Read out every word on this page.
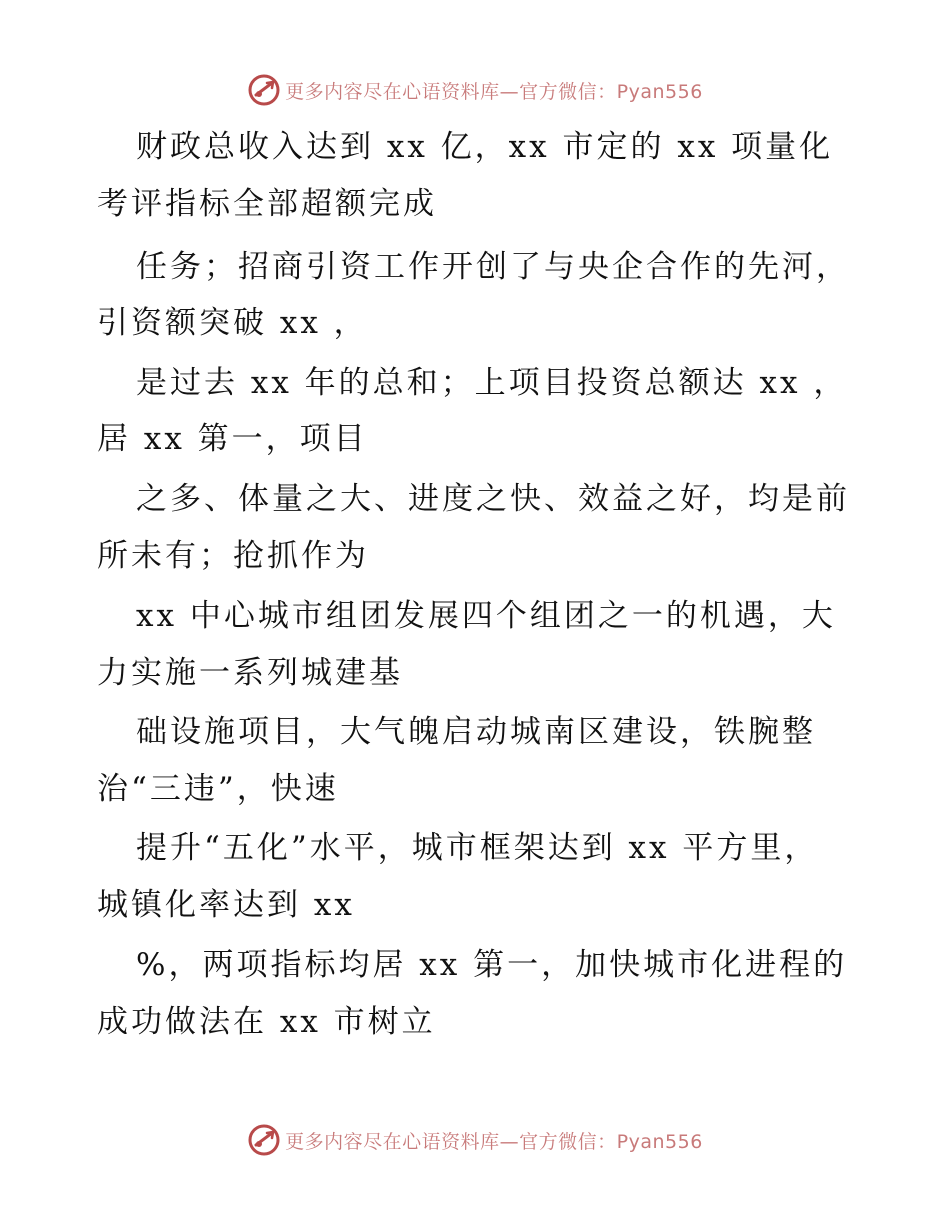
更多内容尽在心语资料库—官方微信：Pyan556
财政总收入达到 xx 亿，xx 市定的 xx 项量化
考评指标全部超额完成
任务；招商引资工作开创了与央企合作的先河，
引资额突破 xx ，
是过去 xx 年的总和；上项目投资总额达 xx ，
居 xx 第一，项目
之多、体量之大、进度之快、效益之好，均是前
所未有；抢抓作为
xx 中心城市组团发展四个组团之一的机遇，大
力实施一系列城建基
础设施项目，大气魄启动城南区建设，铁腕整
治“三违”，快速
提升“五化”水平，城市框架达到 xx 平方里，
城镇化率达到 xx
%，两项指标均居 xx 第一，加快城市化进程的
成功做法在 xx 市树立
更多内容尽在心语资料库—官方微信：Pyan556
